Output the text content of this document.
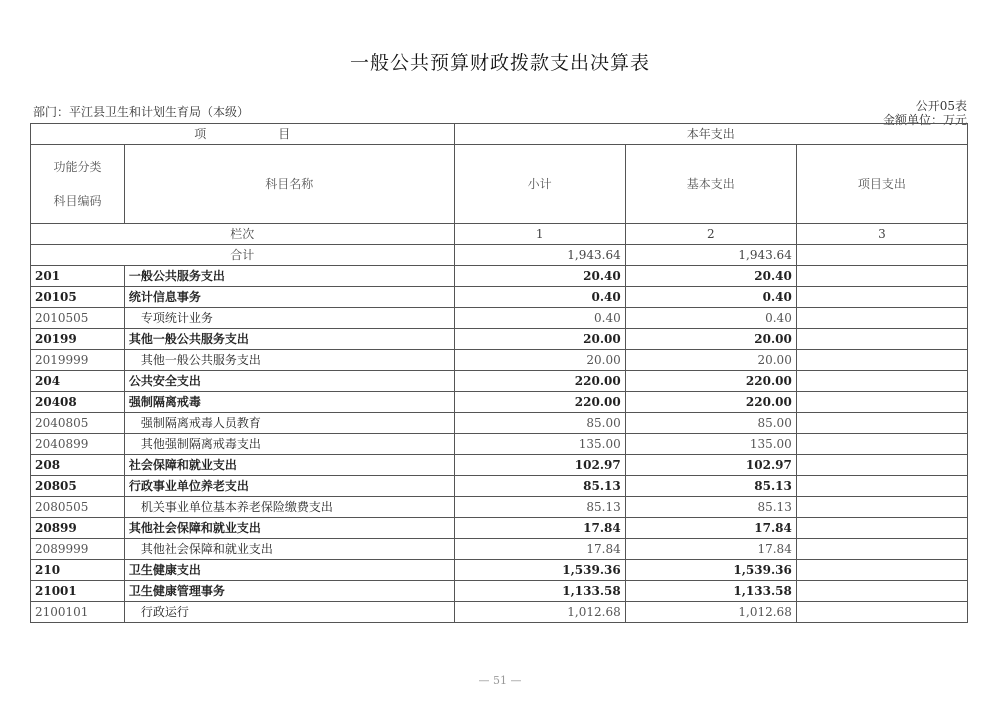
一般公共预算财政拨款支出决算表
部门：平江县卫生和计划生育局（本级）	公开05表
金额单位：万元
项　　　　　　目		本年支出		

功能分类
科目编码	科目名称	小计	基本支出	项目支出
栏次		1	2	3
合计		1,943.64	1,943.64	
201	一般公共服务支出	20.40	20.40	
20105	统计信息事务	0.40	0.40	
2010505	专项统计业务	0.40	0.40	
20199	其他一般公共服务支出	20.00	20.00	
2019999	其他一般公共服务支出	20.00	20.00	
204	公共安全支出	220.00	220.00	
20408	强制隔离戒毒	220.00	220.00	
2040805	强制隔离戒毒人员教育	85.00	85.00	
2040899	其他强制隔离戒毒支出	135.00	135.00	
208	社会保障和就业支出	102.97	102.97	
20805	行政事业单位养老支出	85.13	85.13	
2080505	机关事业单位基本养老保险缴费支出	85.13	85.13	
20899	其他社会保障和就业支出	17.84	17.84	
2089999	其他社会保障和就业支出	17.84	17.84	
210	卫生健康支出	1,539.36	1,539.36	
21001	卫生健康管理事务	1,133.58	1,133.58	
2100101	行政运行	1,012.68	1,012.68	
— 51 —
